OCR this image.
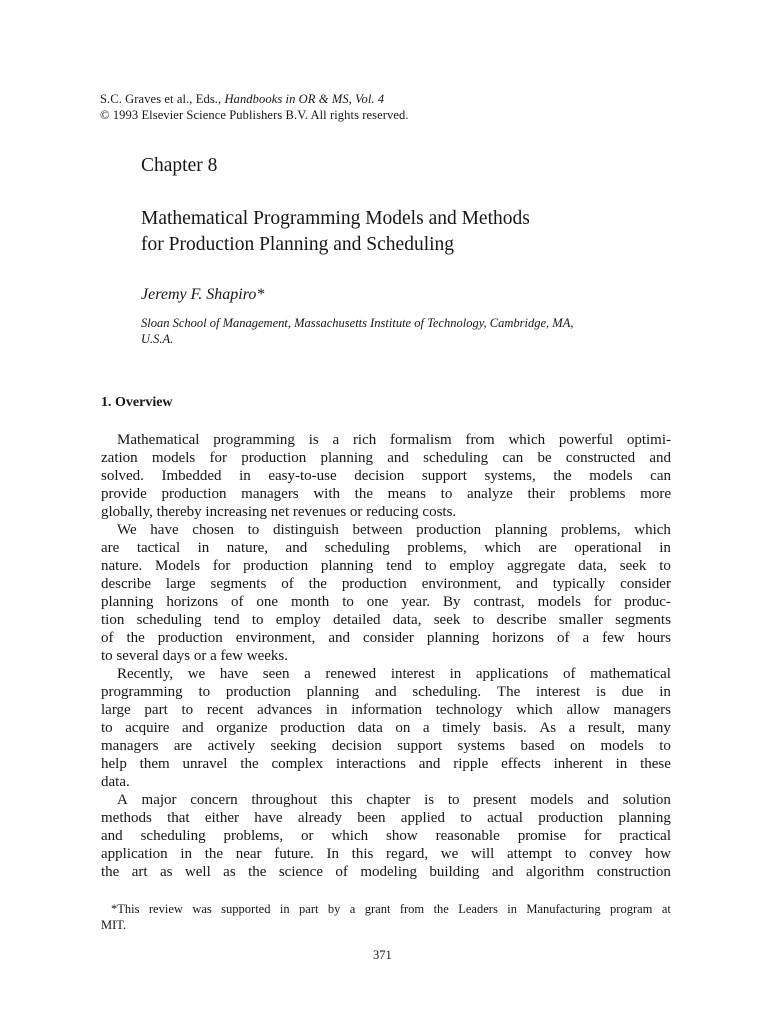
S.C. Graves et al., Eds., Handbooks in OR & MS, Vol. 4
© 1993 Elsevier Science Publishers B.V. All rights reserved.
Chapter 8
Mathematical Programming Models and Methods
for Production Planning and Scheduling
Jeremy F. Shapiro*
Sloan School of Management, Massachusetts Institute of Technology, Cambridge, MA,
U.S.A.
1. Overview
Mathematical programming is a rich formalism from which powerful optimi-
zation models for production planning and scheduling can be constructed and
solved. Imbedded in easy-to-use decision support systems, the models can
provide production managers with the means to analyze their problems more
globally, thereby increasing net revenues or reducing costs.
We have chosen to distinguish between production planning problems, which
are tactical in nature, and scheduling problems, which are operational in
nature. Models for production planning tend to employ aggregate data, seek to
describe large segments of the production environment, and typically consider
planning horizons of one month to one year. By contrast, models for produc-
tion scheduling tend to employ detailed data, seek to describe smaller segments
of the production environment, and consider planning horizons of a few hours
to several days or a few weeks.
Recently, we have seen a renewed interest in applications of mathematical
programming to production planning and scheduling. The interest is due in
large part to recent advances in information technology which allow managers
to acquire and organize production data on a timely basis. As a result, many
managers are actively seeking decision support systems based on models to
help them unravel the complex interactions and ripple effects inherent in these
data.
A major concern throughout this chapter is to present models and solution
methods that either have already been applied to actual production planning
and scheduling problems, or which show reasonable promise for practical
application in the near future. In this regard, we will attempt to convey how
the art as well as the science of modeling building and algorithm construction
*This review was supported in part by a grant from the Leaders in Manufacturing program at
MIT.
371
